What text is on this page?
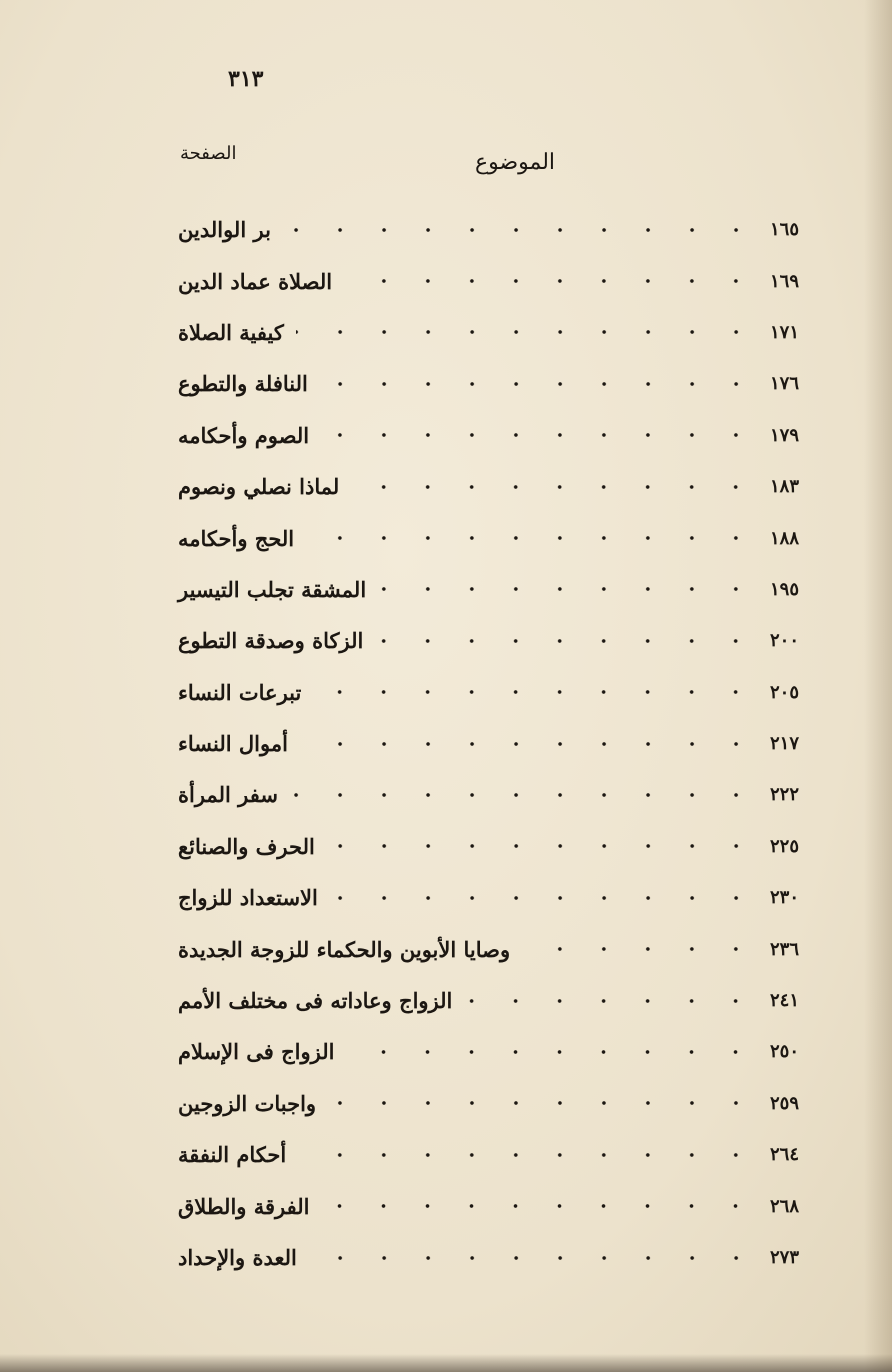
٣١٣
الموضوع
الصفحة
بر الوالدين	١٦٥
الصلاة عماد الدين	١٦٩
كيفية الصلاة	١٧١
النافلة والتطوع	١٧٦
الصوم وأحكامه	١٧٩
لماذا نصلي ونصوم	١٨٣
الحج وأحكامه	١٨٨
المشقة تجلب التيسير	١٩٥
الزكاة وصدقة التطوع	٢٠٠
تبرعات النساء	٢٠٥
أموال النساء	٢١٧
سفر المرأة	٢٢٢
الحرف والصنائع	٢٢٥
الاستعداد للزواج	٢٣٠
وصايا الأبوين والحكماء للزوجة الجديدة	٢٣٦
الزواج وعاداته فى مختلف الأمم	٢٤١
الزواج فى الإسلام	٢٥٠
واجبات الزوجين	٢٥٩
أحكام النفقة	٢٦٤
الفرقة والطلاق	٢٦٨
العدة والإحداد	٢٧٣
